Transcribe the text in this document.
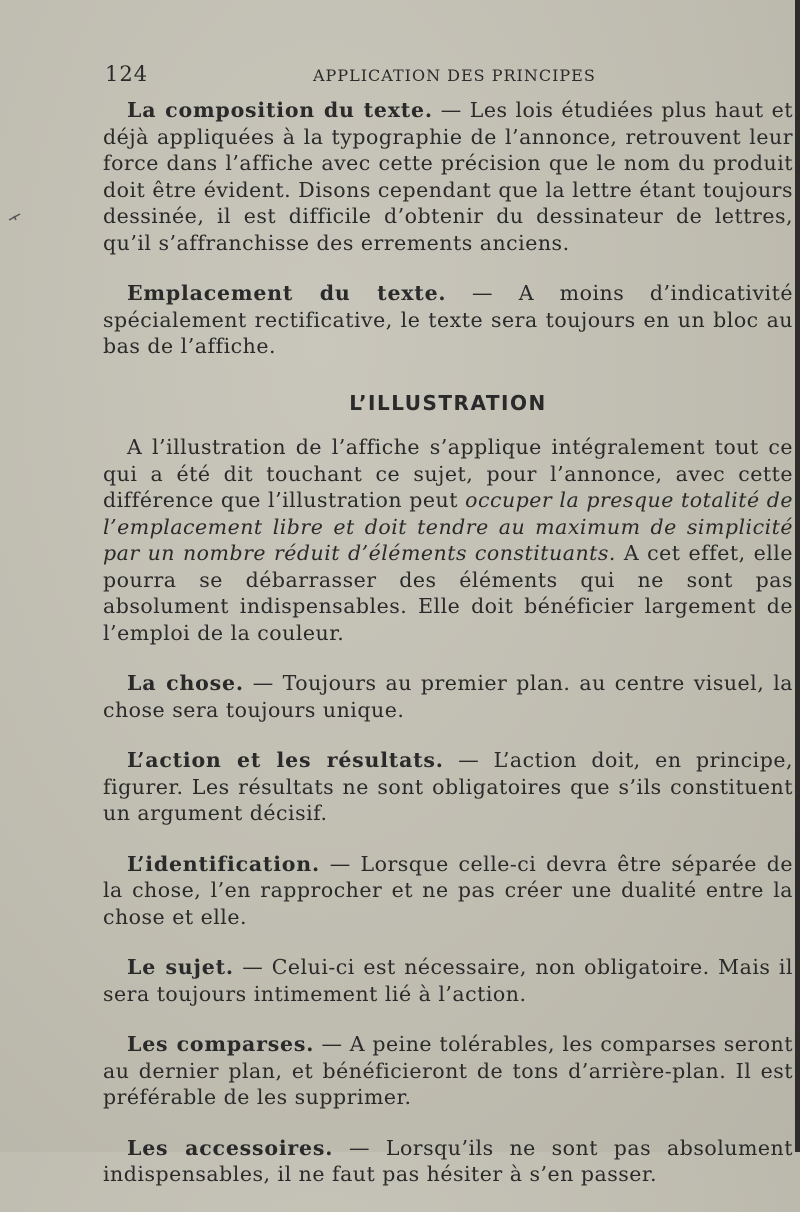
124	APPLICATION DES PRINCIPES

La composition du texte. — Les lois étudiées plus haut et déjà appliquées à la typographie de l’annonce, retrouvent leur force dans l’affiche avec cette précision que le nom du produit doit être évident. Disons cependant que la lettre étant toujours dessinée, il est difficile d’obtenir du dessinateur de lettres, qu’il s’affranchisse des errements anciens.

Emplacement du texte. — A moins d’indicativité spécialement rectificative, le texte sera toujours en un bloc au bas de l’affiche.

L’ILLUSTRATION

A l’illustration de l’affiche s’applique intégralement tout ce qui a été dit touchant ce sujet, pour l’annonce, avec cette différence que l’illustration peut occuper la presque totalité de l’emplacement libre et doit tendre au maximum de simplicité par un nombre réduit d’éléments constituants. A cet effet, elle pourra se débarrasser des éléments qui ne sont pas absolument indispensables. Elle doit bénéficier largement de l’emploi de la couleur.

La chose. — Toujours au premier plan. au centre visuel, la chose sera toujours unique.

L’action et les résultats. — L’action doit, en principe, figurer. Les résultats ne sont obligatoires que s’ils constituent un argument décisif.

L’identification. — Lorsque celle-ci devra être séparée de la chose, l’en rapprocher et ne pas créer une dualité entre la chose et elle.

Le sujet. — Celui-ci est nécessaire, non obligatoire. Mais il sera toujours intimement lié à l’action.

Les comparses. — A peine tolérables, les comparses seront au dernier plan, et bénéficieront de tons d’arrière-plan. Il est préférable de les supprimer.

Les accessoires. — Lorsqu’ils ne sont pas absolument indispensables, il ne faut pas hésiter à s’en passer.
